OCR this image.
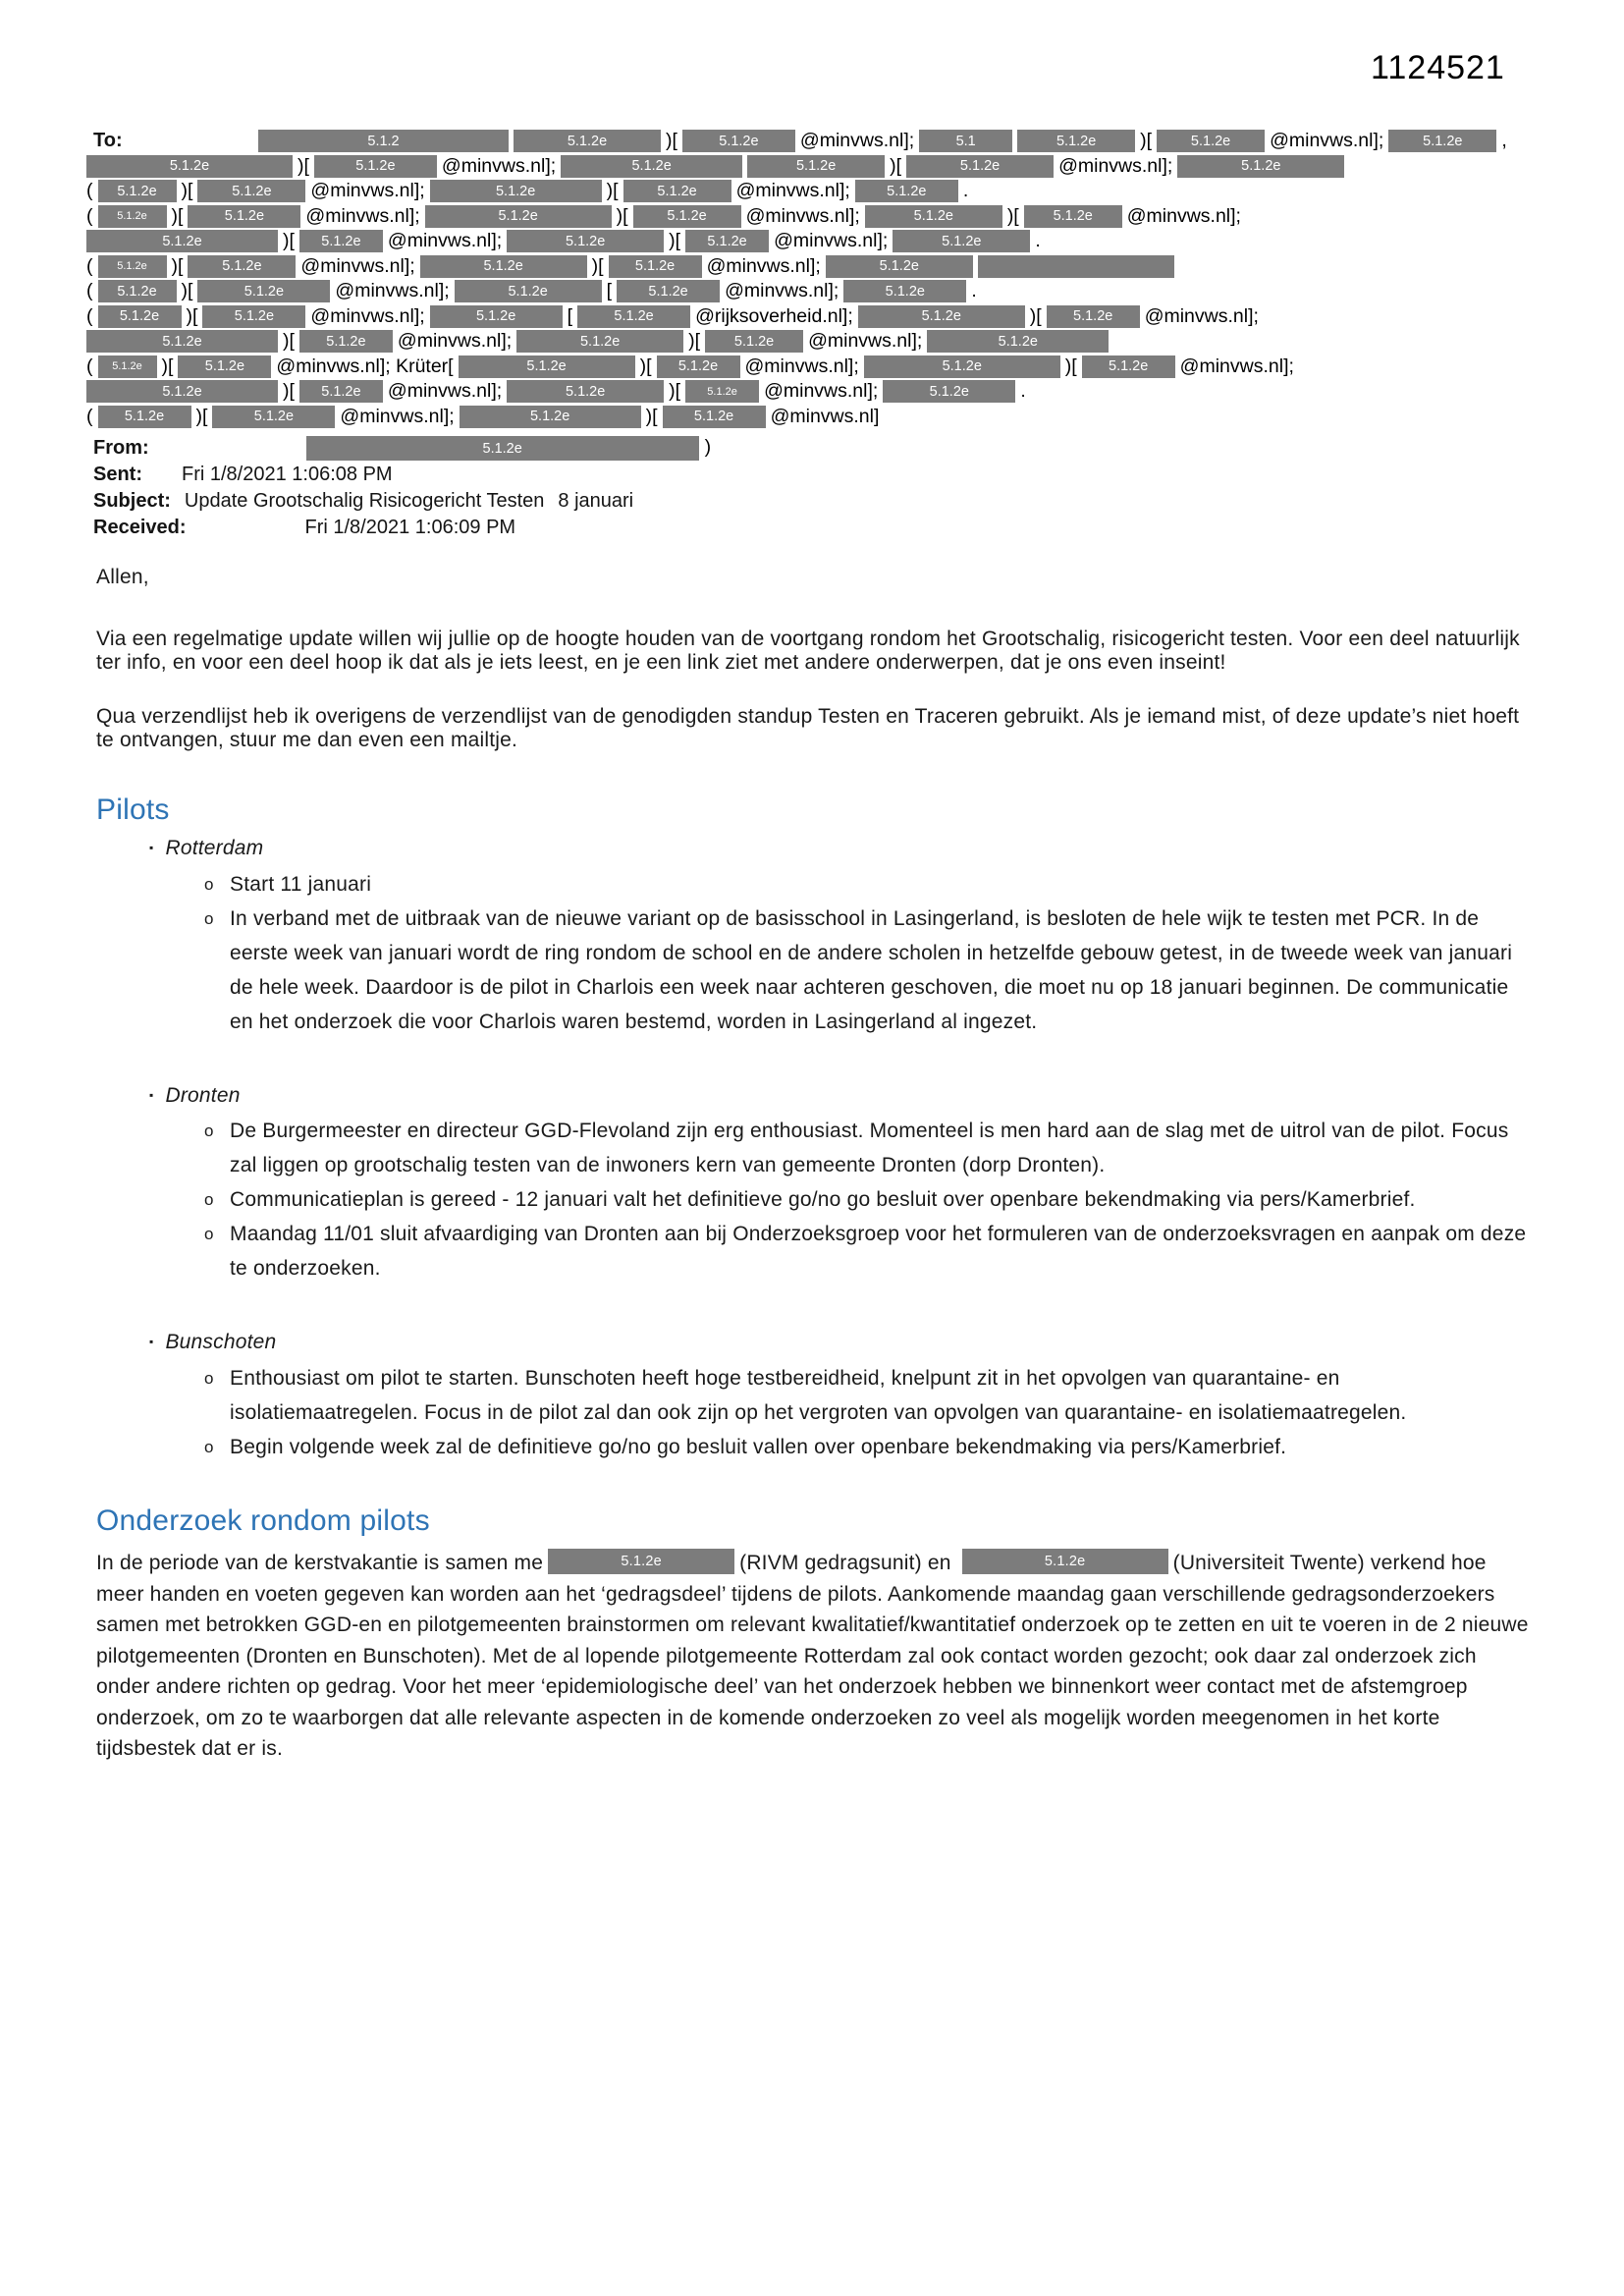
1124521
To:	5.1.2	5.1.2e	)[	5.1.2e	@minvws.nl];	5.1	5.1.2e	)[	5.1.2e	@minvws.nl];	5.1.2e	,
5.1.2e	)[	5.1.2e	@minvws.nl];	5.1.2e	5.1.2e	)[	5.1.2e	@minvws.nl];	5.1.2e
(	5.1.2e	)[	5.1.2e	@minvws.nl];	5.1.2e	)[	5.1.2e	@minvws.nl];	5.1.2e	.
(	5.1.2e	)[	5.1.2e	@minvws.nl];	5.1.2e	)[	5.1.2e	@minvws.nl];	5.1.2e	)[	5.1.2e	@minvws.nl];
5.1.2e	)[	5.1.2e	@minvws.nl];	5.1.2e	)[	5.1.2e	@minvws.nl];	5.1.2e	.
(	5.1.2e	)[	5.1.2e	@minvws.nl];	5.1.2e	)[	5.1.2e	@minvws.nl];	5.1.2e
(	5.1.2e	)[	5.1.2e	@minvws.nl];	5.1.2e	[	5.1.2e	@minvws.nl];	5.1.2e	.
(	5.1.2e	)[	5.1.2e	@minvws.nl];	5.1.2e	[	5.1.2e	@rijksoverheid.nl];	5.1.2e	)[	5.1.2e	@minvws.nl];
5.1.2e	)[	5.1.2e	@minvws.nl];	5.1.2e	)[	5.1.2e	@minvws.nl];	5.1.2e
(	5.1.2e	)[	5.1.2e	@minvws.nl]; Krüter[	5.1.2e	)[	5.1.2e	@minvws.nl];	5.1.2e	)[	5.1.2e	@minvws.nl];
5.1.2e	)[	5.1.2e	@minvws.nl];	5.1.2e	)[	5.1.2e	@minvws.nl];	5.1.2e	.
(	5.1.2e	)[	5.1.2e	@minvws.nl];	5.1.2e	)[	5.1.2e	@minvws.nl]
From:	5.1.2e	)
Sent: Fri 1/8/2021 1:06:08 PM
Subject: Update Grootschalig Risicogericht Testen 8 januari
Received:	Fri 1/8/2021 1:06:09 PM

Allen,

Via een regelmatige update willen wij jullie op de hoogte houden van de voortgang rondom het Grootschalig, risicogericht testen. Voor een deel natuurlijk ter info, en voor een deel hoop ik dat als je iets leest, en je een link ziet met andere onderwerpen, dat je ons even inseint!

Qua verzendlijst heb ik overigens de verzendlijst van de genodigden standup Testen en Traceren gebruikt. Als je iemand mist, of deze update’s niet hoeft te ontvangen, stuur me dan even een mailtje.

Pilots
▪ Rotterdam
o Start 11 januari
o In verband met de uitbraak van de nieuwe variant op de basisschool in Lasingerland, is besloten de hele wijk te testen met PCR. In de eerste week van januari wordt de ring rondom de school en de andere scholen in hetzelfde gebouw getest, in de tweede week van januari de hele week. Daardoor is de pilot in Charlois een week naar achteren geschoven, die moet nu op 18 januari beginnen. De communicatie en het onderzoek die voor Charlois waren bestemd, worden in Lasingerland al ingezet.
▪ Dronten
o De Burgermeester en directeur GGD-Flevoland zijn erg enthousiast. Momenteel is men hard aan de slag met de uitrol van de pilot. Focus zal liggen op grootschalig testen van de inwoners kern van gemeente Dronten (dorp Dronten).
o Communicatieplan is gereed - 12 januari valt het definitieve go/no go besluit over openbare bekendmaking via pers/Kamerbrief.
o Maandag 11/01 sluit afvaardiging van Dronten aan bij Onderzoeksgroep voor het formuleren van de onderzoeksvragen en aanpak om deze te onderzoeken.
▪ Bunschoten
o Enthousiast om pilot te starten. Bunschoten heeft hoge testbereidheid, knelpunt zit in het opvolgen van quarantaine- en isolatiemaatregelen. Focus in de pilot zal dan ook zijn op het vergroten van opvolgen van quarantaine- en isolatiemaatregelen.
o Begin volgende week zal de definitieve go/no go besluit vallen over openbare bekendmaking via pers/Kamerbrief.
Onderzoek rondom pilots

In de periode van de kerstvakantie is samen me	5.1.2e	(RIVM gedragsunit) en	5.1.2e	(Universiteit Twente) verkend hoe meer handen en voeten gegeven kan worden aan het ‘gedragsdeel’ tijdens de pilots. Aankomende maandag gaan verschillende gedragsonderzoekers samen met betrokken GGD-en en pilotgemeenten brainstormen om relevant kwalitatief/kwantitatief onderzoek op te zetten en uit te voeren in de 2 nieuwe pilotgemeenten (Dronten en Bunschoten). Met de al lopende pilotgemeente Rotterdam zal ook contact worden gezocht; ook daar zal onderzoek zich onder andere richten op gedrag. Voor het meer ‘epidemiologische deel’ van het onderzoek hebben we binnenkort weer contact met de afstemgroep onderzoek, om zo te waarborgen dat alle relevante aspecten in de komende onderzoeken zo veel als mogelijk worden meegenomen in het korte tijdsbestek dat er is.
